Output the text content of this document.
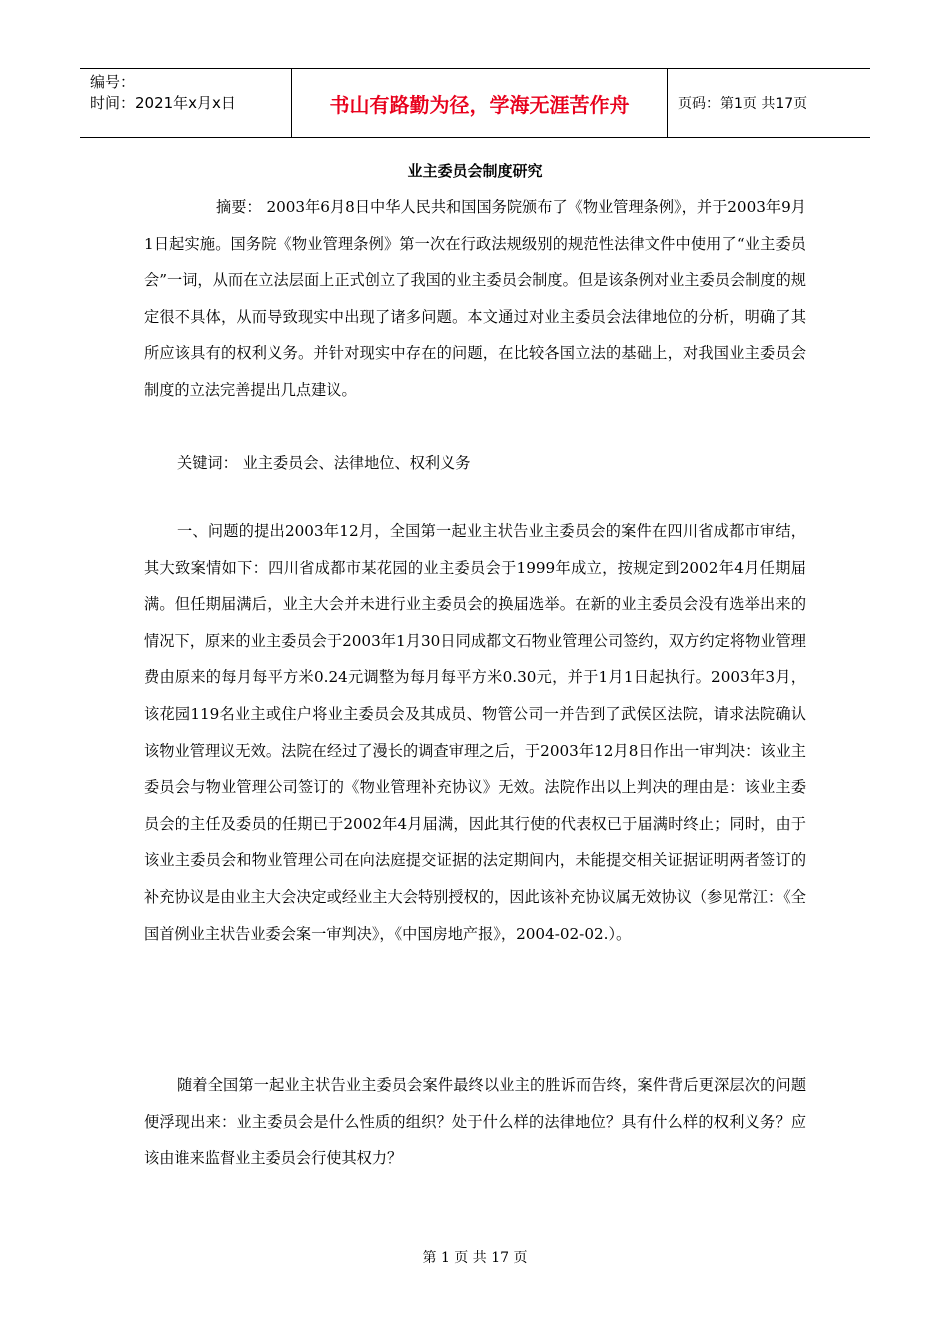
编号：
时间：2021年x月x日	书山有路勤为径，学海无涯苦作舟	页码：第1页 共17页
业主委员会制度研究
摘要： 2003年6月8日中华人民共和国国务院颁布了《物业管理条例》，并于2003年9月1日起实施。国务院《物业管理条例》第一次在行政法规级别的规范性法律文件中使用了“业主委员会”一词，从而在立法层面上正式创立了我国的业主委员会制度。但是该条例对业主委员会制度的规定很不具体，从而导致现实中出现了诸多问题。本文通过对业主委员会法律地位的分析，明确了其所应该具有的权利义务。并针对现实中存在的问题，在比较各国立法的基础上，对我国业主委员会制度的立法完善提出几点建议。
关键词： 业主委员会、法律地位、权利义务
一、问题的提出2003年12月，全国第一起业主状告业主委员会的案件在四川省成都市审结，其大致案情如下：四川省成都市某花园的业主委员会于1999年成立，按规定到2002年4月任期届满。但任期届满后，业主大会并未进行业主委员会的换届选举。在新的业主委员会没有选举出来的情况下，原来的业主委员会于2003年1月30日同成都文石物业管理公司签约，双方约定将物业管理费由原来的每月每平方米0.24元调整为每月每平方米0.30元，并于1月1日起执行。2003年3月，该花园119名业主或住户将业主委员会及其成员、物管公司一并告到了武侯区法院，请求法院确认该物业管理议无效。法院在经过了漫长的调查审理之后，于2003年12月8日作出一审判决：该业主委员会与物业管理公司签订的《物业管理补充协议》无效。法院作出以上判决的理由是：该业主委员会的主任及委员的任期已于2002年4月届满，因此其行使的代表权已于届满时终止；同时，由于该业主委员会和物业管理公司在向法庭提交证据的法定期间内，未能提交相关证据证明两者签订的补充协议是由业主大会决定或经业主大会特别授权的，因此该补充协议属无效协议（参见常江：《全国首例业主状告业委会案一审判决》，《中国房地产报》，2004-02-02.）。
随着全国第一起业主状告业主委员会案件最终以业主的胜诉而告终，案件背后更深层次的问题便浮现出来：业主委员会是什么性质的组织？处于什么样的法律地位？具有什么样的权利义务？应该由谁来监督业主委员会行使其权力？
第 1 页 共 17 页
